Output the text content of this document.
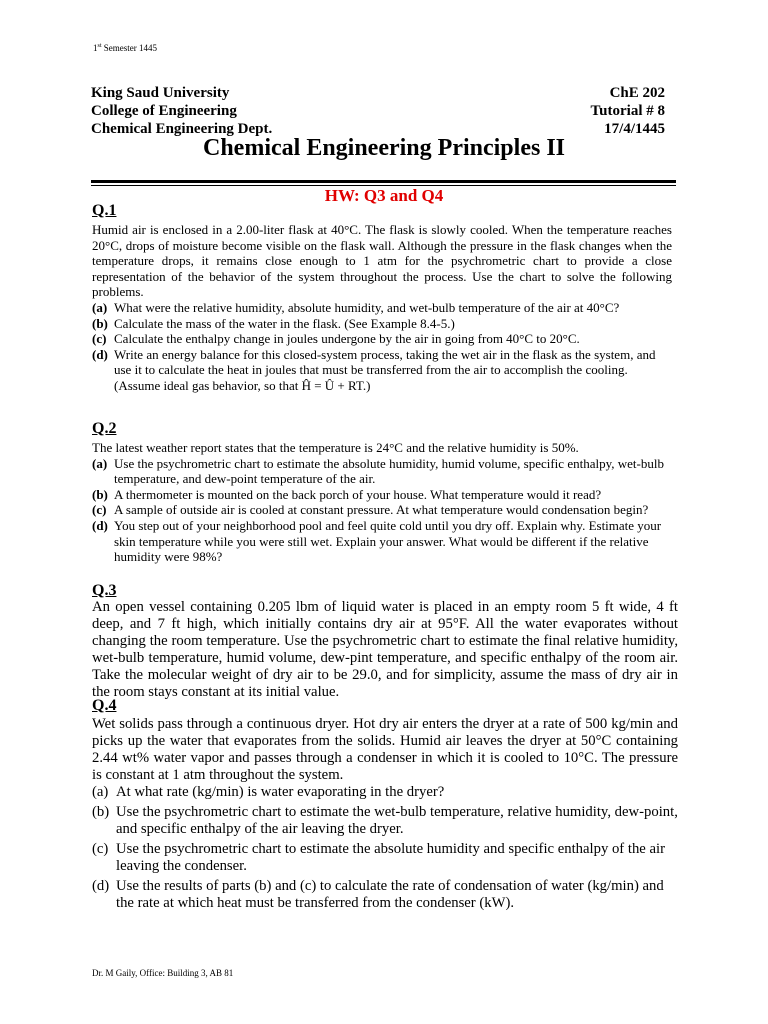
1st Semester 1445
King Saud University
College of Engineering
Chemical Engineering Dept.
ChE 202
Tutorial # 8
17/4/1445
Chemical Engineering Principles II
HW: Q3 and Q4
Q.1

Humid air is enclosed in a 2.00-liter flask at 40°C. The flask is slowly cooled. When the temperature reaches 20°C, drops of moisture become visible on the flask wall. Although the pressure in the flask changes when the temperature drops, it remains close enough to 1 atm for the psychrometric chart to provide a close representation of the behavior of the system throughout the process. Use the chart to solve the following problems.

(a) What were the relative humidity, absolute humidity, and wet-bulb temperature of the air at 40°C?
(b) Calculate the mass of the water in the flask. (See Example 8.4-5.)
(c) Calculate the enthalpy change in joules undergone by the air in going from 40°C to 20°C.
(d) Write an energy balance for this closed-system process, taking the wet air in the flask as the system, and use it to calculate the heat in joules that must be transferred from the air to accomplish the cooling. (Assume ideal gas behavior, so that Ĥ = Û + RT.)
Q.2

The latest weather report states that the temperature is 24°C and the relative humidity is 50%.

(a) Use the psychrometric chart to estimate the absolute humidity, humid volume, specific enthalpy, wet-bulb temperature, and dew-point temperature of the air.
(b) A thermometer is mounted on the back porch of your house. What temperature would it read?
(c) A sample of outside air is cooled at constant pressure. At what temperature would condensation begin?
(d) You step out of your neighborhood pool and feel quite cold until you dry off. Explain why. Estimate your skin temperature while you were still wet. Explain your answer. What would be different if the relative humidity were 98%?
Q.3

An open vessel containing 0.205 lbm of liquid water is placed in an empty room 5 ft wide, 4 ft deep, and 7 ft high, which initially contains dry air at 95°F. All the water evaporates without changing the room temperature. Use the psychrometric chart to estimate the final relative humidity, wet-bulb temperature, humid volume, dew-pint temperature, and specific enthalpy of the room air. Take the molecular weight of dry air to be 29.0, and for simplicity, assume the mass of dry air in the room stays constant at its initial value.

Q.4

Wet solids pass through a continuous dryer. Hot dry air enters the dryer at a rate of 500 kg/min and picks up the water that evaporates from the solids. Humid air leaves the dryer at 50°C containing 2.44 wt% water vapor and passes through a condenser in which it is cooled to 10°C. The pressure is constant at 1 atm throughout the system.

(a) At what rate (kg/min) is water evaporating in the dryer?
(b) Use the psychrometric chart to estimate the wet-bulb temperature, relative humidity, dew-point, and specific enthalpy of the air leaving the dryer.
(c) Use the psychrometric chart to estimate the absolute humidity and specific enthalpy of the air leaving the condenser.
(d) Use the results of parts (b) and (c) to calculate the rate of condensation of water (kg/min) and the rate at which heat must be transferred from the condenser (kW).
Dr. M Gaily, Office: Building 3, AB 81
